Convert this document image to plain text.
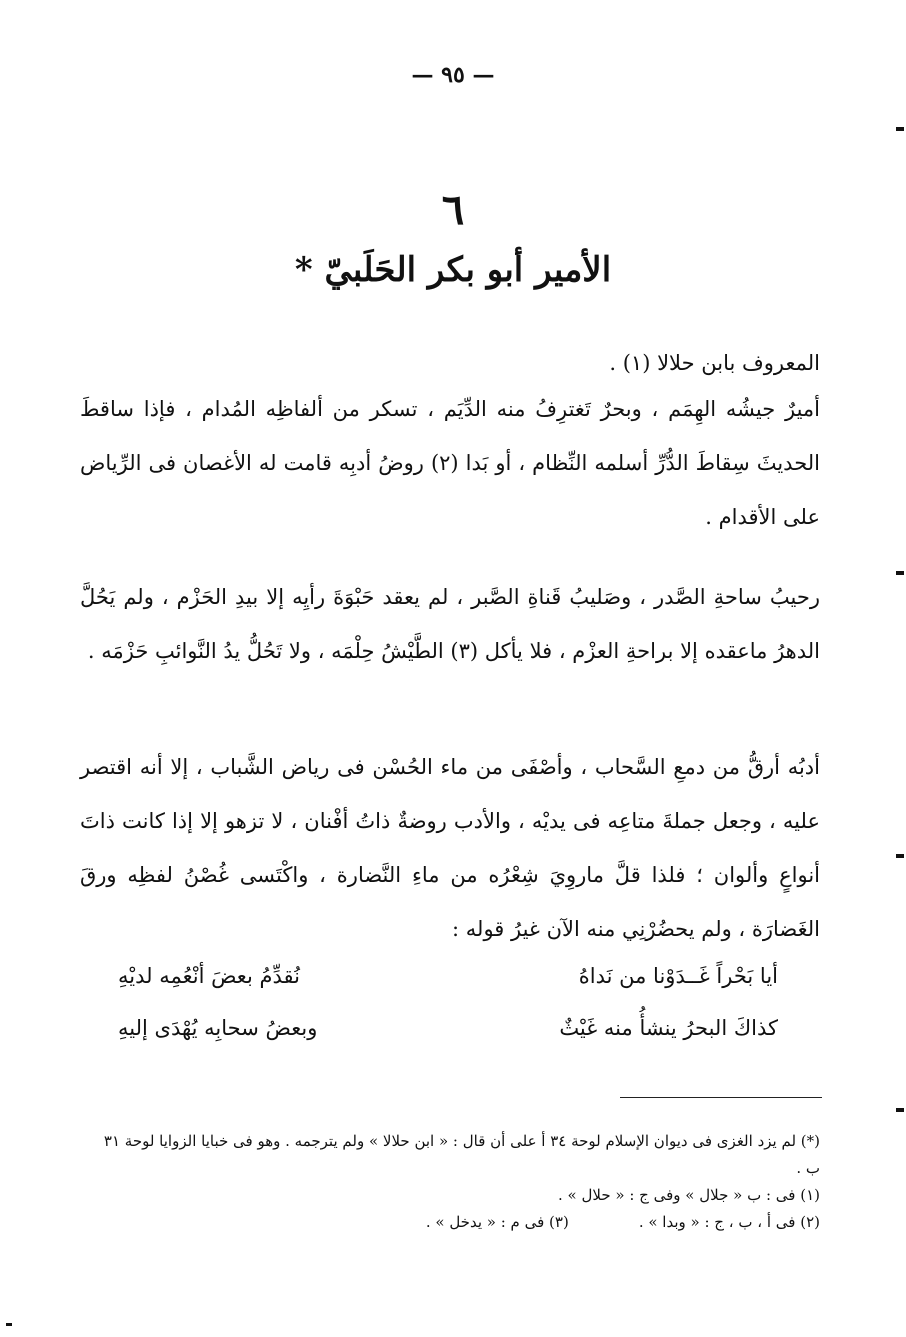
— ٩٥ —
٦
الأمير أبو بكر الحَلَبيّ *
المعروف بابن حلالا (١) .
أميرٌ جيشُه الهِمَم ، وبحرٌ تَغترِفُ منه الدِّيَم ، تسكر من ألفاظِه المُدام ، فإذا ساقطَ الحديثَ سِقاطَ الدُّرِّ أسلمه النِّظام ، أو بَدا (٢) روضُ أدبِه قامت له الأغصان فى الرِّياض على الأقدام .
رحيبُ ساحةِ الصَّدر ، وصَليبُ قَناةِ الصَّبر ، لم يعقد حَبْوَةَ رأيِه إلا بيدِ الحَزْم ، ولم يَحُلَّ الدهرُ ماعقده إلا براحةِ العزْم ، فلا يأكل (٣) الطَّيْشُ حِلْمَه ، ولا تَحُلُّ يدُ النَّوائبِ حَزْمَه .
أدبُه أرقُّ من دمعِ السَّحاب ، وأصْفَى من ماء الحُسْن فى رياض الشَّباب ، إلا أنه اقتصر عليه ، وجعل جملةَ متاعِه فى يديْه ، والأدب روضةٌ ذاتُ أفْنان ، لا تزهو إلا إذا كانت ذاتَ أنواعٍ وألوان ؛ فلذا قلَّ ماروِيَ شِعْرُه من ماءِ النَّضارة ، واكْتَسى غُصْنُ لفظِه ورقَ الغَضارَة ، ولم يحضُرْنِي منه الآن غيرُ قوله :
أيا بَحْراً غَــدَوْنا من نَداهُ
نُقدِّمُ بعضَ أنْعُمِه لديْهِ
كذاكَ البحرُ ينشأُ منه غَيْثٌ
وبعضُ سحابِه يُهْدَى إليهِ

(*) لم يزد الغزى فى ديوان الإسلام لوحة ٣٤ أ على أن قال : « ابن حلالا » ولم يترجمه . وهو فى خبايا الزوايا لوحة ٣١ ب .

(١) فى : ب « جلال » وفى ج : « حلال » .

(٢) فى أ ، ب ، ج : « وبدا » .
(٣) فى م : « يدخل » .
